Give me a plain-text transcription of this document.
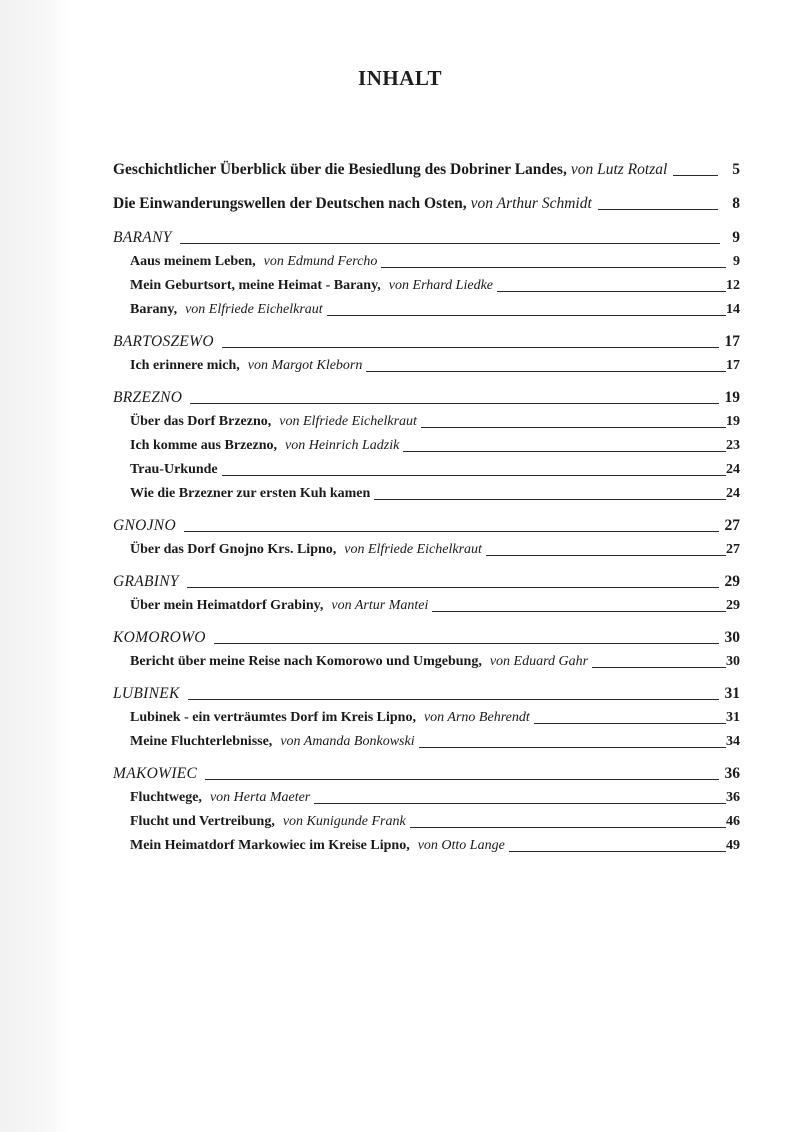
INHALT
Geschichtlicher Überblick über die Besiedlung des Dobriner Landes, von Lutz Rotzal	5
Die Einwanderungswellen der Deutschen nach Osten, von Arthur Schmidt	8
BARANY	9
Aaus meinem Leben, von Edmund Fercho	9
Mein Geburtsort, meine Heimat - Barany, von Erhard Liedke	12
Barany, von Elfriede Eichelkraut	14
BARTOSZEWO	17
Ich erinnere mich, von Margot Kleborn	17
BRZEZNO	19
Über das Dorf Brzezno, von Elfriede Eichelkraut	19
Ich komme aus Brzezno, von Heinrich Ladzik	23
Trau-Urkunde	24
Wie die Brzezner zur ersten Kuh kamen	24
GNOJNO	27
Über das Dorf Gnojno Krs. Lipno, von Elfriede Eichelkraut	27
GRABINY	29
Über mein Heimatdorf Grabiny, von Artur Mantei	29
KOMOROWO	30
Bericht über meine Reise nach Komorowo und Umgebung, von Eduard Gahr	30
LUBINEK	31
Lubinek - ein verträumtes Dorf im Kreis Lipno, von Arno Behrendt	31
Meine Fluchterlebnisse, von Amanda Bonkowski	34
MAKOWIEC	36
Fluchtwege, von Herta Maeter	36
Flucht und Vertreibung, von Kunigunde Frank	46
Mein Heimatdorf Markowiec im Kreise Lipno, von Otto Lange	49
